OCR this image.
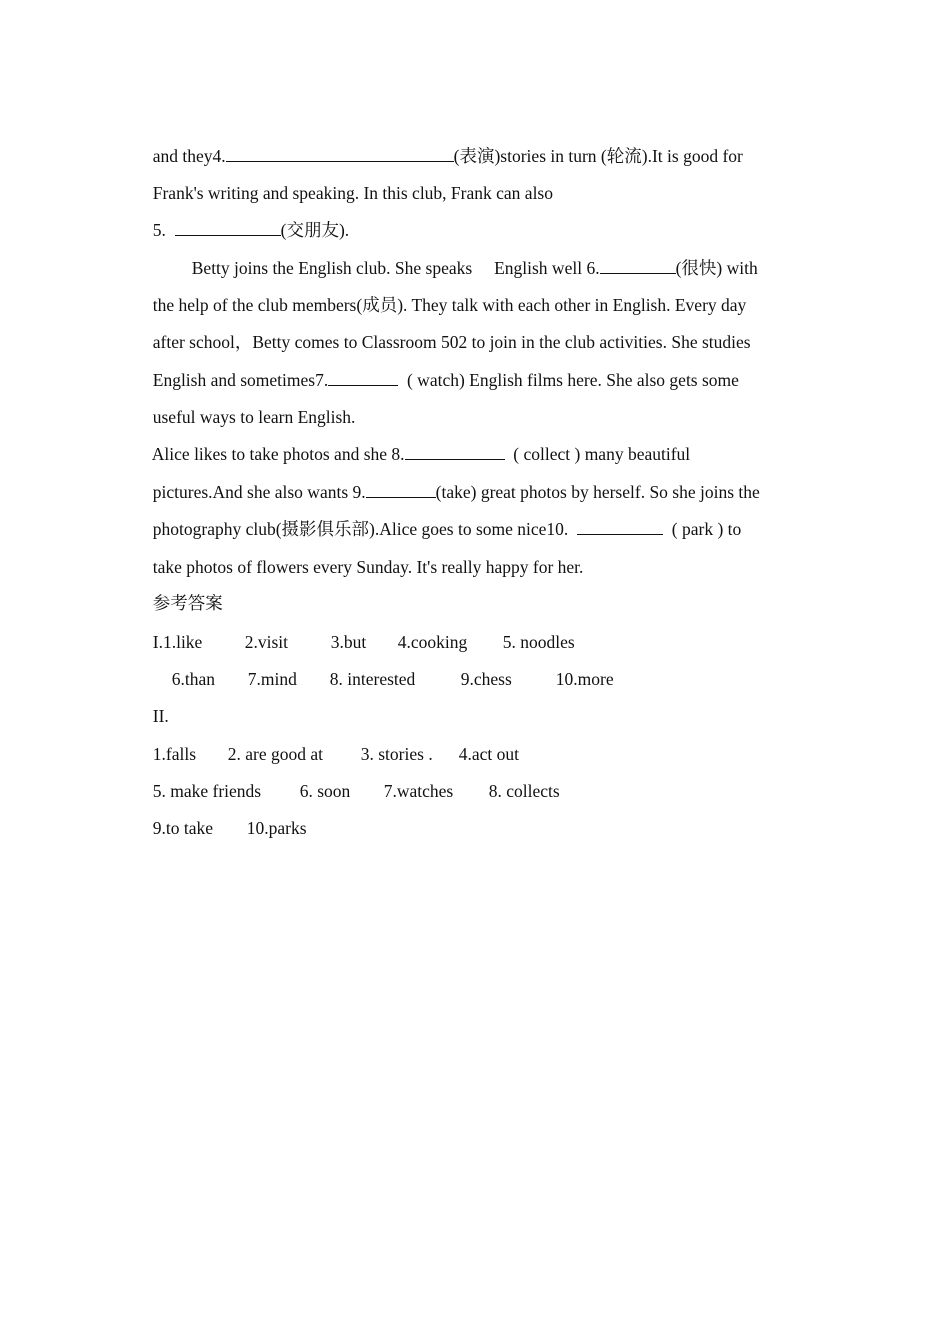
and they4.	(表演)stories in turn (轮流).It is good for

Frank's writing and speaking. In this club, Frank can also

5.	(交朋友).

Betty joins the English club. She speaks     English well 6.	(很快) with

the help of the club members(成员). They talk with each other in English. Every day

after school，Betty comes to Classroom 502 to join in the club activities. She studies

English and sometimes7.	( watch) English films here. She also gets some

useful ways to learn English.

Alice likes to take photos and she 8.	( collect ) many beautiful

pictures.And she also wants 9.	(take) great photos by herself. So she joins the

photography club(摄影俱乐部).Alice goes to some nice10.	( park ) to

take photos of flowers every Sunday. It's really happy for her.

参考答案

I.1.like 2.visit 3.but 4.cooking 5. noodles

6.than 7.mind 8. interested	9.chess	10.more

II.

1.falls 2. are good at 3. stories . 4.act out

5. make friends 6. soon 7.watches 8. collects

9.to take 10.parks
